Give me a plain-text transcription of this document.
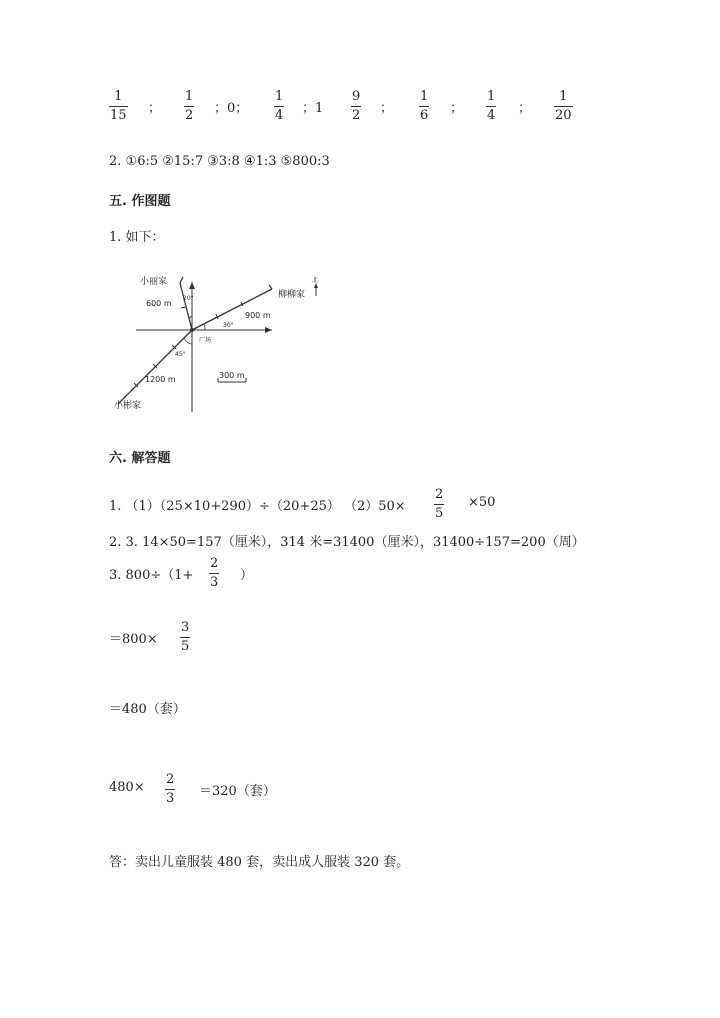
1
15 ；
1
2 ；0；
1
4 ；1
9
2 ；
1
6 ；
1
4 ；
1
20
2. ①6:5 ②15:7 ③3:8 ④1:3 ⑤800:3
五. 作图题
1. 如下：
小丽家
600 m
20°	柳柳家
北
900 m
30°
广场
45°
1200 m	300 m
小彬家
六. 解答题
1. （1）（25×10+290）÷（20+25） （2）50×
2
5
×50
2. 3. 14×50=157（厘米），314 米=31400（厘米），31400÷157=200（周）
3. 800÷（1+
2
3 ）
＝800×
3
5
＝480（套）
480×
2
3 ＝320（套）
答：卖出儿童服装 480 套，卖出成人服装 320 套。
